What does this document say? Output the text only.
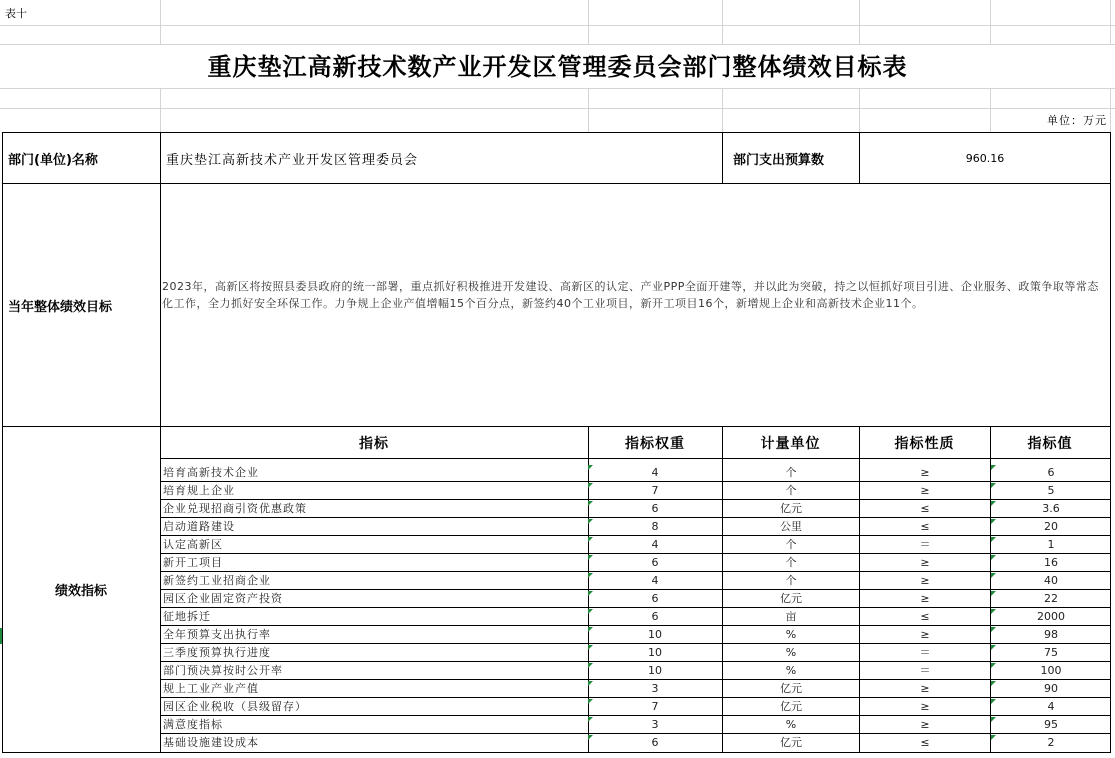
表十
重庆垫江高新技术数产业开发区管理委员会部门整体绩效目标表
单位：万元
部门(单位)名称	重庆垫江高新技术产业开发区管理委员会	部门支出预算数	960.16
当年整体绩效目标
2023年，高新区将按照县委县政府的统一部署，重点抓好积极推进开发建设、高新区的认定、产业PPP全面开建等，并以此为突破，持之以恒抓好项目引进、企业服务、政策争取等常态化工作，全力抓好安全环保工作。力争规上企业产值增幅15个百分点，新签约40个工业项目，新开工项目16个，新增规上企业和高新技术企业11个。
绩效指标
指标	指标权重	计量单位	指标性质	指标值
培育高新技术企业	4	个	≥	6
培育规上企业	7	个	≥	5
企业兑现招商引资优惠政策	6	亿元	≤	3.6
启动道路建设	8	公里	≤	20
认定高新区	4	个	＝	1
新开工项目	6	个	≥	16
新签约工业招商企业	4	个	≥	40
园区企业固定资产投资	6	亿元	≥	22
征地拆迁	6	亩	≤	2000
全年预算支出执行率	10	%	≥	98
三季度预算执行进度	10	%	＝	75
部门预决算按时公开率	10	%	＝	100
规上工业产业产值	3	亿元	≥	90
园区企业税收（县级留存）	7	亿元	≥	4
满意度指标	3	%	≥	95
基础设施建设成本	6	亿元	≤	2
